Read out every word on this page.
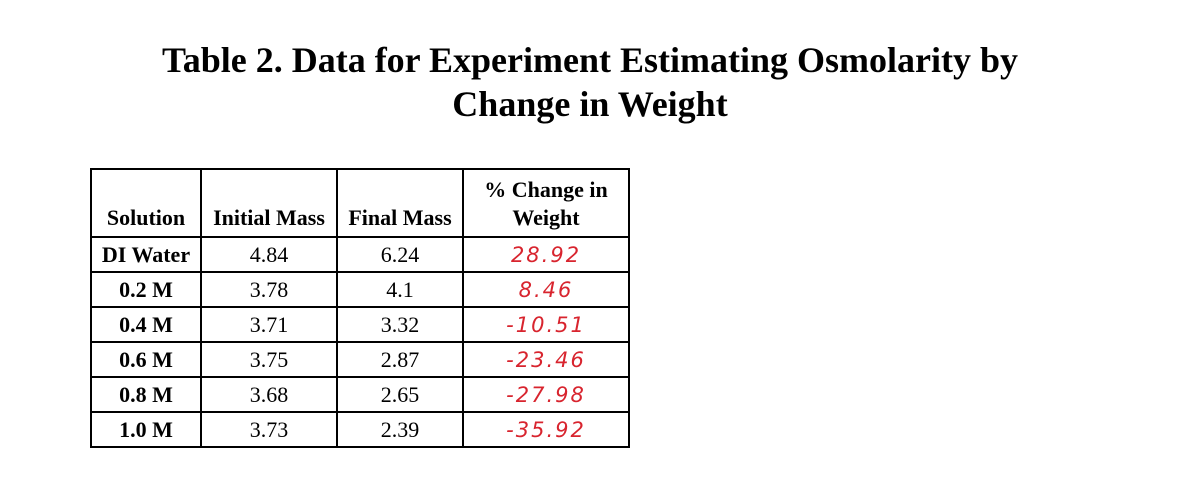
Table 2. Data for Experiment Estimating Osmolarity by
Change in Weight
Solution	Initial Mass	Final Mass	% Change in Weight
DI Water	4.84	6.24	28.92
0.2 M	3.78	4.1	8.46
0.4 M	3.71	3.32	-10.51
0.6 M	3.75	2.87	-23.46
0.8 M	3.68	2.65	-27.98
1.0 M	3.73	2.39	-35.92
